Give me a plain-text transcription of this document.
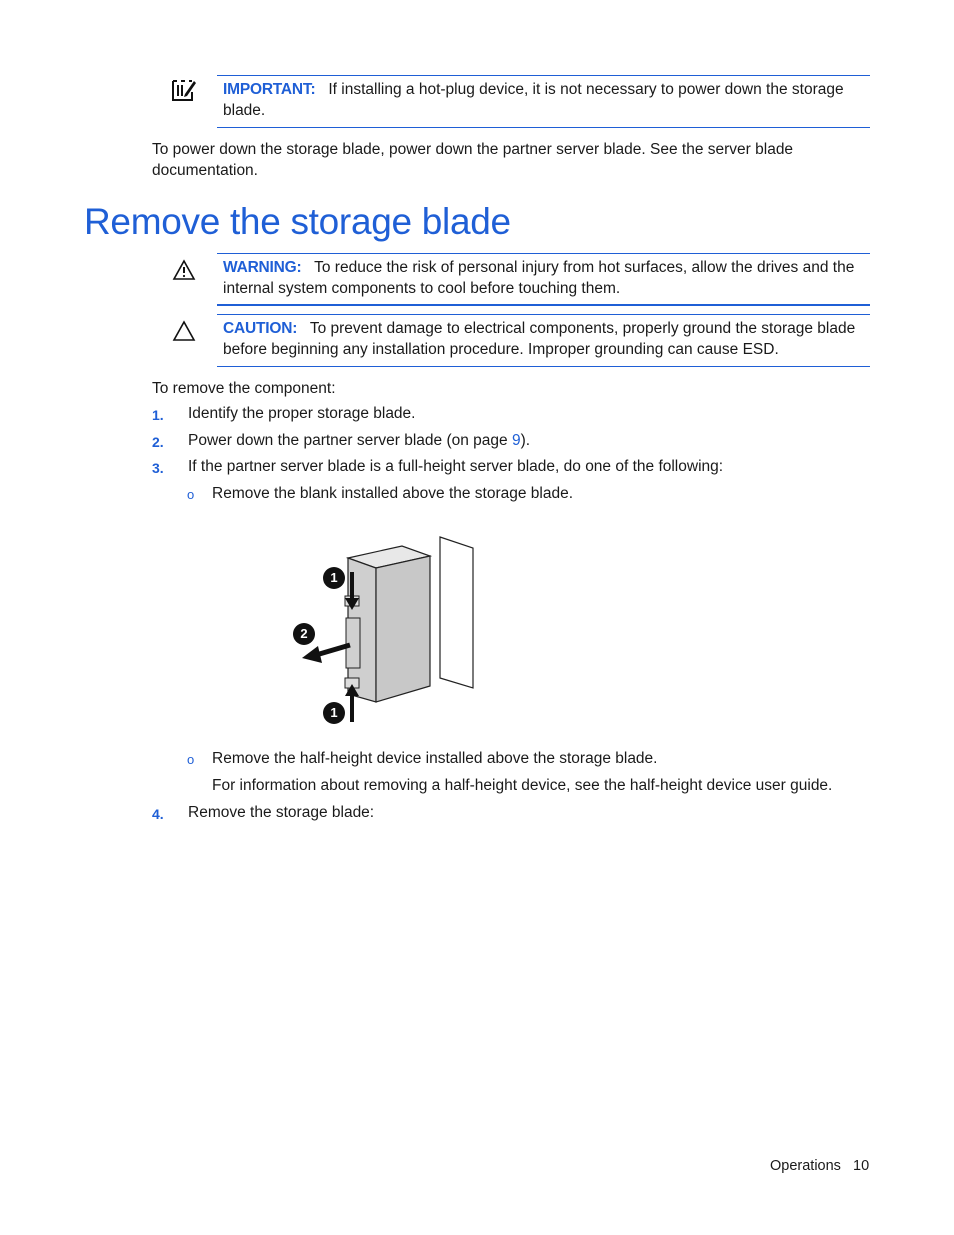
IMPORTANT: If installing a hot-plug device, it is not necessary to power down the storage blade.
To power down the storage blade, power down the partner server blade. See the server blade documentation.
Remove the storage blade
WARNING: To reduce the risk of personal injury from hot surfaces, allow the drives and the internal system components to cool before touching them.
CAUTION: To prevent damage to electrical components, properly ground the storage blade before beginning any installation procedure. Improper grounding can cause ESD.
To remove the component:
1. Identify the proper storage blade.
2. Power down the partner server blade (on page 9).
3. If the partner server blade is a full-height server blade, do one of the following:
o Remove the blank installed above the storage blade.
1
2
1
o Remove the half-height device installed above the storage blade.
For information about removing a half-height device, see the half-height device user guide.
4. Remove the storage blade:
Operations 10
